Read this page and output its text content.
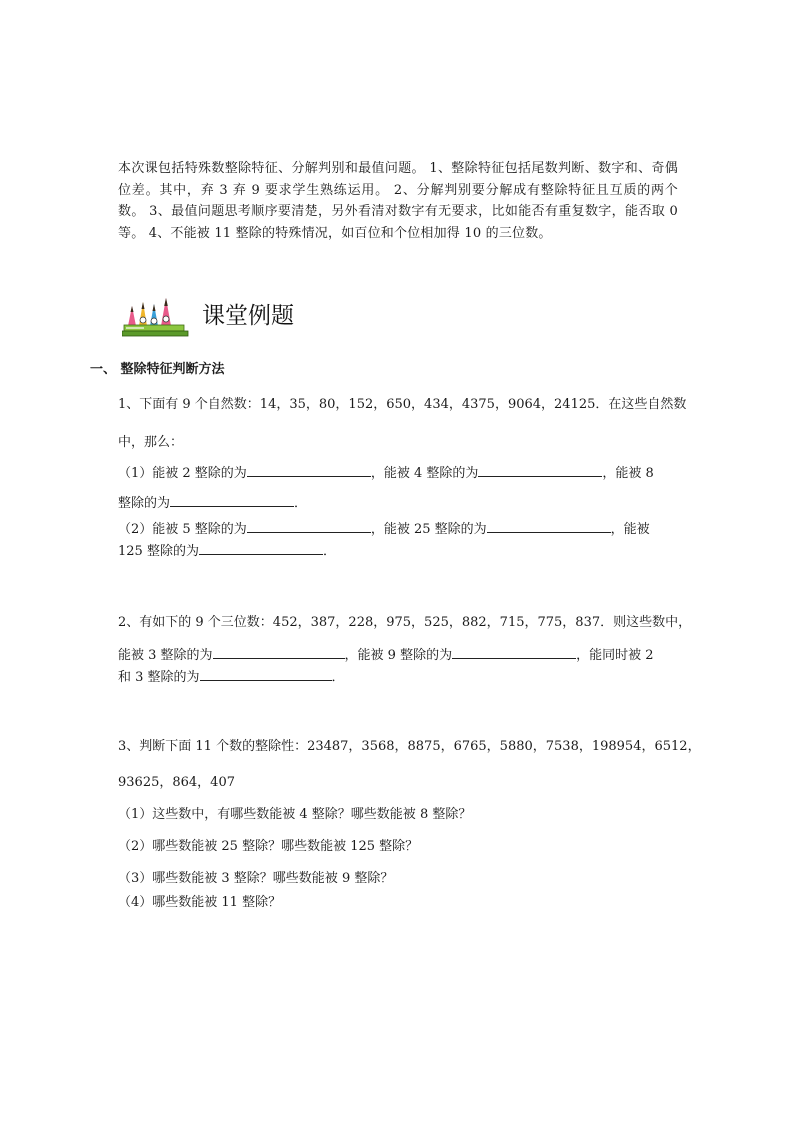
本次课包括特殊数整除特征、分解判别和最值问题。 1、整除特征包括尾数判断、数字和、奇偶位差。其中，弃 3 弃 9 要求学生熟练运用。 2、分解判别要分解成有整除特征且互质的两个数。 3、最值问题思考顺序要清楚，另外看清对数字有无要求，比如能否有重复数字，能否取 0 等。 4、不能被 11 整除的特殊情况，如百位和个位相加得 10 的三位数。
课堂例题
一、 整除特征判断方法
1、下面有 9 个自然数：14，35，80，152，650，434，4375，9064，24125．在这些自然数
中，那么：
（1）能被 2 整除的为	，能被 4 整除的为	，能被 8
整除的为	．
（2）能被 5 整除的为	，能被 25 整除的为	，能被
125 整除的为	．
2、有如下的 9 个三位数：452，387，228，975，525，882，715，775，837．则这些数中，
能被 3 整除的为	，能被 9 整除的为	，能同时被 2
和 3 整除的为	．
3、判断下面 11 个数的整除性：23487，3568，8875，6765，5880，7538，198954，6512，
93625，864，407
（1）这些数中，有哪些数能被 4 整除？哪些数能被 8 整除？
（2）哪些数能被 25 整除？哪些数能被 125 整除？
（3）哪些数能被 3 整除？哪些数能被 9 整除？
（4）哪些数能被 11 整除？
